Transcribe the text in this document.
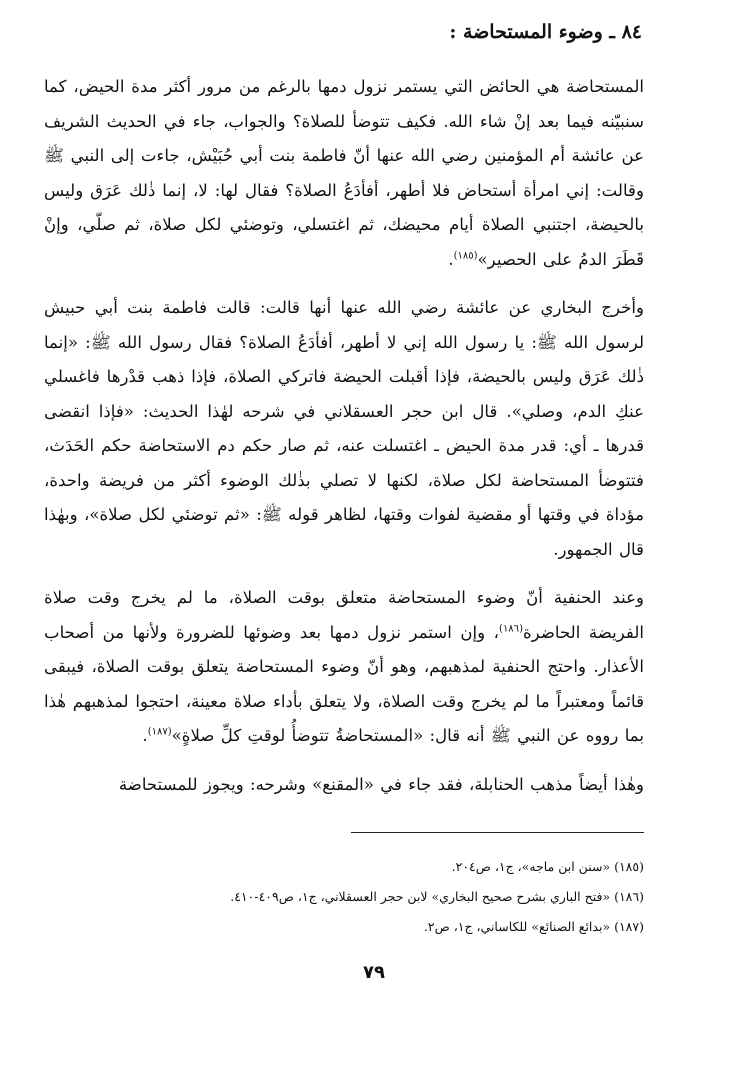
٨٤ ـ وضوء المستحاضة :

المستحاضة هي الحائض التي يستمر نزول دمها بالرغم من مرور أكثر مدة الحيض، كما سنبيّنه فيما بعد إنْ شاء الله. فكيف تتوضأ للصلاة؟ والجواب، جاء في الحديث الشريف عن عائشة أم المؤمنين رضي الله عنها أنّ فاطمة بنت أبي حُبَيْش، جاءت إلى النبي ﷺ وقالت: إني امرأة أستحاض فلا أطهر، أفأدَعُ الصلاة؟ فقال لها: لا، إنما ذٰلك عَرَق وليس بالحيضة، اجتنبي الصلاة أيام محيضك، ثم اغتسلي، وتوضئي لكل صلاة، ثم صلّي، وإنْ قَطَرَ الدمُ على الحصير»$^{(١٨٥)}$.

وأخرج البخاري عن عائشة رضي الله عنها أنها قالت: قالت فاطمة بنت أبي حبيش لرسول الله ﷺ: يا رسول الله إني لا أطهر، أفأدَعُ الصلاة؟ فقال رسول الله ﷺ: «إنما ذٰلك عَرَق وليس بالحيضة، فإذا أقبلت الحيضة فاتركي الصلاة، فإذا ذهب قدْرها فاغسلي عنكِ الدم، وصلي». قال ابن حجر العسقلاني في شرحه لهٰذا الحديث: «فإذا انقضى قدرها ـ أي: قدر مدة الحيض ـ اغتسلت عنه، ثم صار حكم دم الاستحاضة حكم الحَدَث، فتتوضأ المستحاضة لكل صلاة، لكنها لا تصلي بذٰلك الوضوء أكثر من فريضة واحدة، مؤداة في وقتها أو مقضية لفوات وقتها، لظاهر قوله ﷺ: «ثم توضئي لكل صلاة»، وبهٰذا قال الجمهور.

وعند الحنفية أنّ وضوء المستحاضة متعلق بوقت الصلاة، ما لم يخرج وقت صلاة الفريضة الحاضرة$^{(١٨٦)}$، وإن استمر نزول دمها بعد وضوئها للضرورة ولأنها من أصحاب الأعذار. واحتج الحنفية لمذهبهم، وهو أنّ وضوء المستحاضة يتعلق بوقت الصلاة، فيبقى قائماً ومعتبراً ما لم يخرج وقت الصلاة، ولا يتعلق بأداء صلاة معينة، احتجوا لمذهبهم هٰذا بما رووه عن النبي ﷺ أنه قال: «المستحاضةُ تتوضأُ لوقتِ كلِّ صلاةٍ»$^{(١٨٧)}$.

وهٰذا أيضاً مذهب الحنابلة، فقد جاء في «المقنع» وشرحه: ويجوز للمستحاضة

(١٨٥) «سنن ابن ماجه»، ج١، ص٢٠٤.

(١٨٦) «فتح الباري بشرح صحيح البخاري» لابن حجر العسقلاني، ج١، ص٤٠٩-٤١٠.

(١٨٧) «بدائع الصنائع» للكاساني، ج١، ص٢.

٧٩
